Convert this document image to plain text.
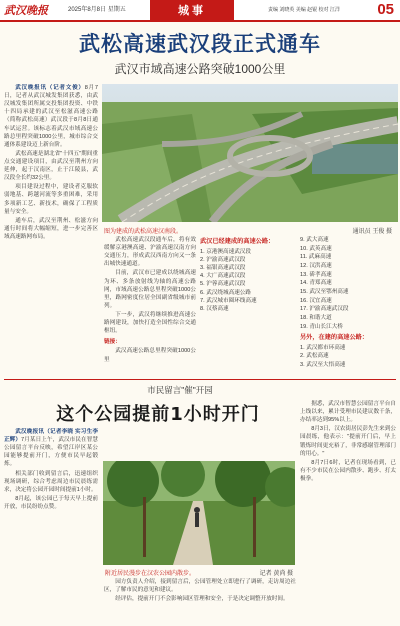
武汉晚报	2025年8月8日 星期五	城事	责编 刘晓英 美编 赵锟 校对 江洋 05
武松高速武汉段正式通车
武汉市域高速公路突破1000公里

武汉晚报讯（记者文俊）8月7日，记者从武汉城发集团获悉，由武汉城发集团所属交投集团投资、中铁十四局承建的武汉至松滋高速公路（简称武松高速）武汉段于8月8日通车试运营。该标志着武汉市域高速公路总里程突破1000公里，城市综合交通体系建设迈上新台阶。

武松高速是湖北省"十四五"期间重点交通建设项目，由武汉至荆州方向延伸，起于汉南区，止于江陵县，武汉段全长约32公里。

项目建设过程中，建设者克服软弱地基、跨越河流等多重困难，采用多项新工艺、新技术，确保了工程质量与安全。

通车后，武汉至荆州、松滋方向通行时间将大幅缩短，进一步完善区域高速路网布局。

图为建成的武松高速汉南段。	通讯员 王俊 摄

武松高速武汉段通车后，将有效缓解京港澳高速、沪渝高速汉南方向交通压力，形成武汉西南方向又一条出城快速通道。

目前，武汉市已建成以绕城高速为环、多条放射线为轴的高速公路网，市域高速公路总里程突破1000公里，路网密度位居全国副省级城市前列。

下一步，武汉将继续推进高速公路网建设，加快打造全国性综合交通枢纽。

链接：

武汉高速公路总里程突破1000公里

武汉已经建成的高速公路：
1. 京港澳高速武汉段
2. 沪渝高速武汉段
3. 福银高速武汉段
4. 大广高速武汉段
5. 沪蓉高速武汉段
6. 武汉绕城高速公路
7. 武汉城市圈环线高速
8. 汉蔡高速
9. 武大高速
10. 武英高速
11. 武麻高速
12. 汉洪高速
13. 硚孝高速
14. 青郑高速
15. 武汉至鄂州高速
16. 汉宜高速
17. 沪渝高速武汉段
18. 和谐大道
19. 青山长江大桥
另外，在建的高速公路：
1. 武汉都市环高速
2. 武松高速
3. 武汉至大悟高速
市民留言"催"开园
这个公园提前1小时开门

武汉晚报讯（记者李晓 实习生李正辉）7月某日上午，武汉市民在智慧公园留言平台反映，希望江岸区某公园能够提前开门，方便市民早起锻炼。

相关部门收到留言后，迅速组织现场调研，综合考虑周边市民晨练需求，决定将公园开园时间提前1小时。

8月起，该公园已于每天早上提前开放，市民纷纷点赞。

附近居民漫步在汉农公园内散步。	记者 黄尚 摄

园方负责人介绍，接到留言后，公园管理处立即进行了调研，走访周边社区，了解市民的意见和建议。

经评估，提前开门不会影响园区管理和安全，于是决定调整开放时间。

据悉，武汉市智慧公园留言平台自上线以来，累计受理市民建议数千条，办结率达到95%以上。

8月3日，汉农街居民彭先生来到公园晨练，他表示："提前开门后，早上锻炼时间更充裕了，非常感谢管理部门的用心。"

8月7日6时，记者在现场看到，已有不少市民在公园内散步、跑步、打太极拳。
